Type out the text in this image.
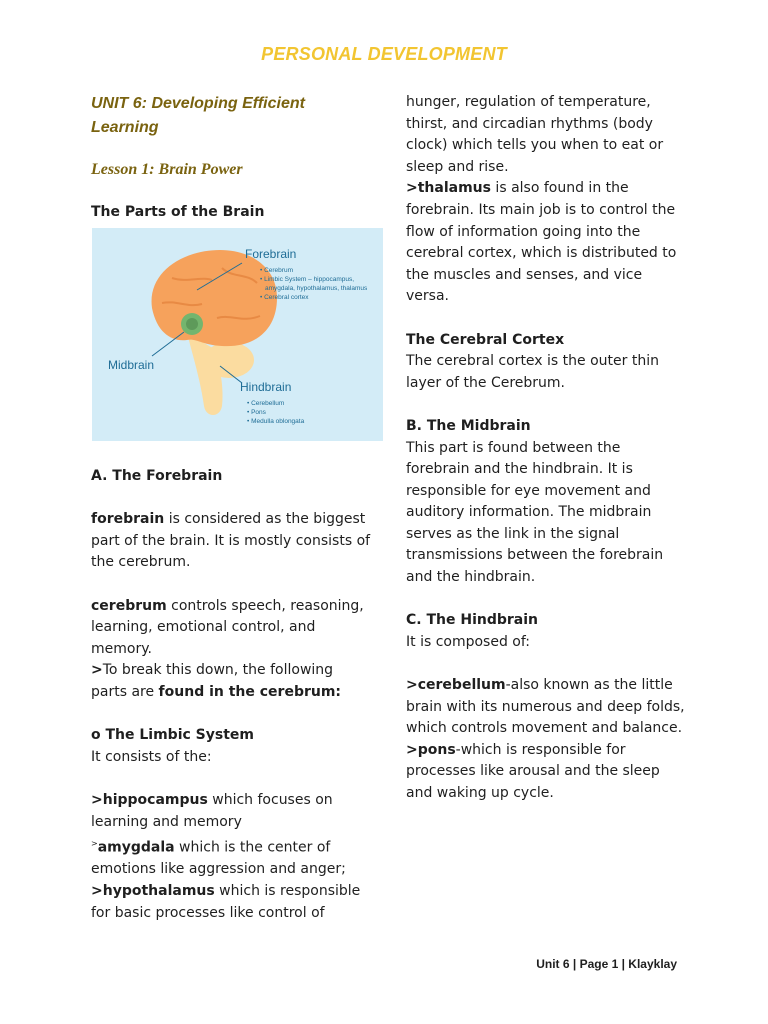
PERSONAL DEVELOPMENT
UNIT 6: Developing Efficient Learning
Lesson 1: Brain Power
The Parts of the Brain
Forebrain
• Cerebrum
• Limbic System – hippocampus,
amygdala, hypothalamus, thalamus
• Cerebral cortex
Midbrain
Hindbrain
• Cerebellum
• Pons
• Medulla oblongata

A. The Forebrain

forebrain is considered as the biggest part of the brain. It is mostly consists of the cerebrum.

cerebrum controls speech, reasoning, learning, emotional control, and memory.

>To break this down, the following parts are found in the cerebrum:

o The Limbic System

It consists of the:

>hippocampus which focuses on learning and memory

>amygdala which is the center of emotions like aggression and anger;

>hypothalamus which is responsible for basic processes like control of

hunger, regulation of temperature, thirst, and circadian rhythms (body clock) which tells you when to eat or sleep and rise.

>thalamus is also found in the forebrain. Its main job is to control the flow of information going into the cerebral cortex, which is distributed to the muscles and senses, and vice versa.

The Cerebral Cortex

The cerebral cortex is the outer thin layer of the Cerebrum.

B. The Midbrain

This part is found between the forebrain and the hindbrain. It is responsible for eye movement and auditory information. The midbrain serves as the link in the signal transmissions between the forebrain and the hindbrain.

C. The Hindbrain

It is composed of:

>cerebellum-also known as the little brain with its numerous and deep folds, which controls movement and balance.

>pons-which is responsible for processes like arousal and the sleep and waking up cycle.

Unit 6 | Page 1 | Klayklay
